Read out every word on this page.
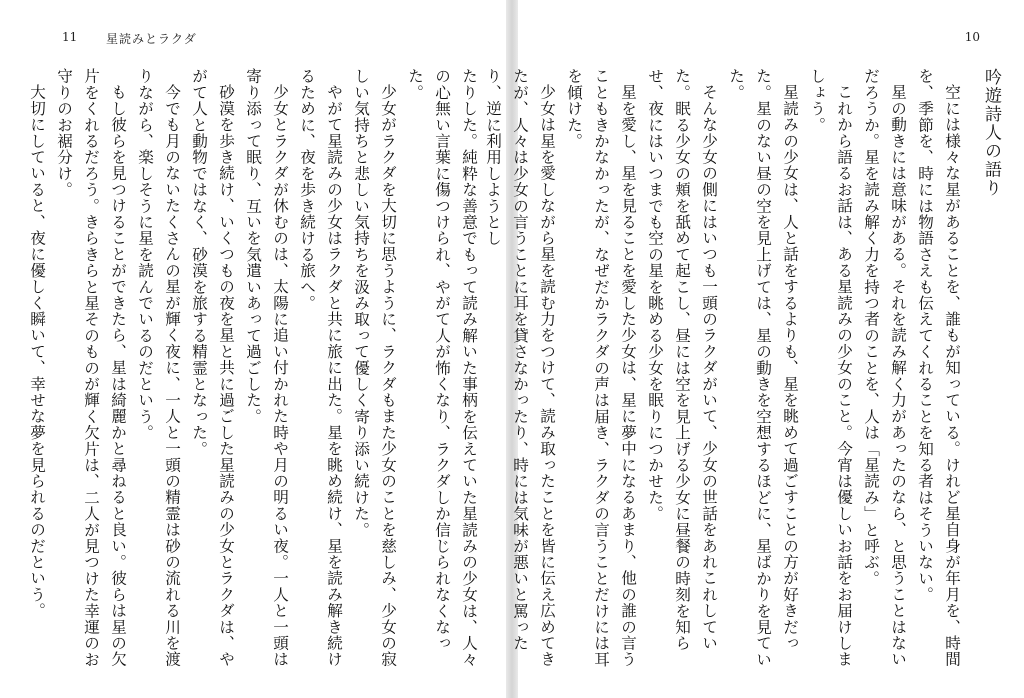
11 星読みとラクダ

たりした。純粋な善意でもって読み解いた事柄を伝えていた星読みの少女は、人々の心無い言葉に傷つけられ、やがて人が怖くなり、ラクダしか信じられなくなった。

少女がラクダを大切に思うように、ラクダもまた少女のことを慈しみ、少女の寂しい気持ちと悲しい気持ちを汲み取って優しく寄り添い続けた。

やがて星読みの少女はラクダと共に旅に出た。星を眺め続け、星を読み解き続けるために、夜を歩き続ける旅へ。

少女とラクダが休むのは、太陽に追い付かれた時や月の明るい夜。一人と一頭は寄り添って眠り、互いを気遣いあって過ごした。

砂漠を歩き続け、いくつもの夜を星と共に過ごした星読みの少女とラクダは、やがて人と動物ではなく、砂漠を旅する精霊となった。

今でも月のないたくさんの星が輝く夜に、一人と一頭の精霊は砂の流れる川を渡りながら、楽しそうに星を読んでいるのだという。

もし彼らを見つけることができたら、星は綺麗かと尋ねると良い。彼らは星の欠片をくれるだろう。きらきらと星そのものが輝く欠片は、二人が見つけた幸運のお守りのお裾分け。

大切にしていると、夜に優しく瞬いて、幸せな夢を見られるのだという。

10
吟遊詩人の語り

空には様々な星があることを、誰もが知っている。けれど星自身が年月を、時間を、季節を、時には物語さえも伝えてくれることを知る者はそういない。

星の動きには意味がある。それを読み解く力があったのなら、と思うことはないだろうか。星を読み解く力を持つ者のことを、人は「星読み」と呼ぶ。

これから語るお話は、ある星読みの少女のこと。今宵は優しいお話をお届けしましょう。

星読みの少女は、人と話をするよりも、星を眺めて過ごすことの方が好きだった。星のない昼の空を見上げては、星の動きを空想するほどに、星ばかりを見ていた。

そんな少女の側にはいつも一頭のラクダがいて、少女の世話をあれこれしていた。眠る少女の頬を舐めて起こし、昼には空を見上げる少女に昼餐の時刻を知らせ、夜にはいつまでも空の星を眺める少女を眠りにつかせた。

星を愛し、星を見ることを愛した少女は、星に夢中になるあまり、他の誰の言うこともきかなかったが、なぜだかラクダの声は届き、ラクダの言うことだけには耳を傾けた。

少女は星を愛しながら星を読む力をつけて、読み取ったことを皆に伝え広めてきたが、人々は少女の言うことに耳を貸さなかったり、時には気味が悪いと罵ったり、逆に利用しようとし
